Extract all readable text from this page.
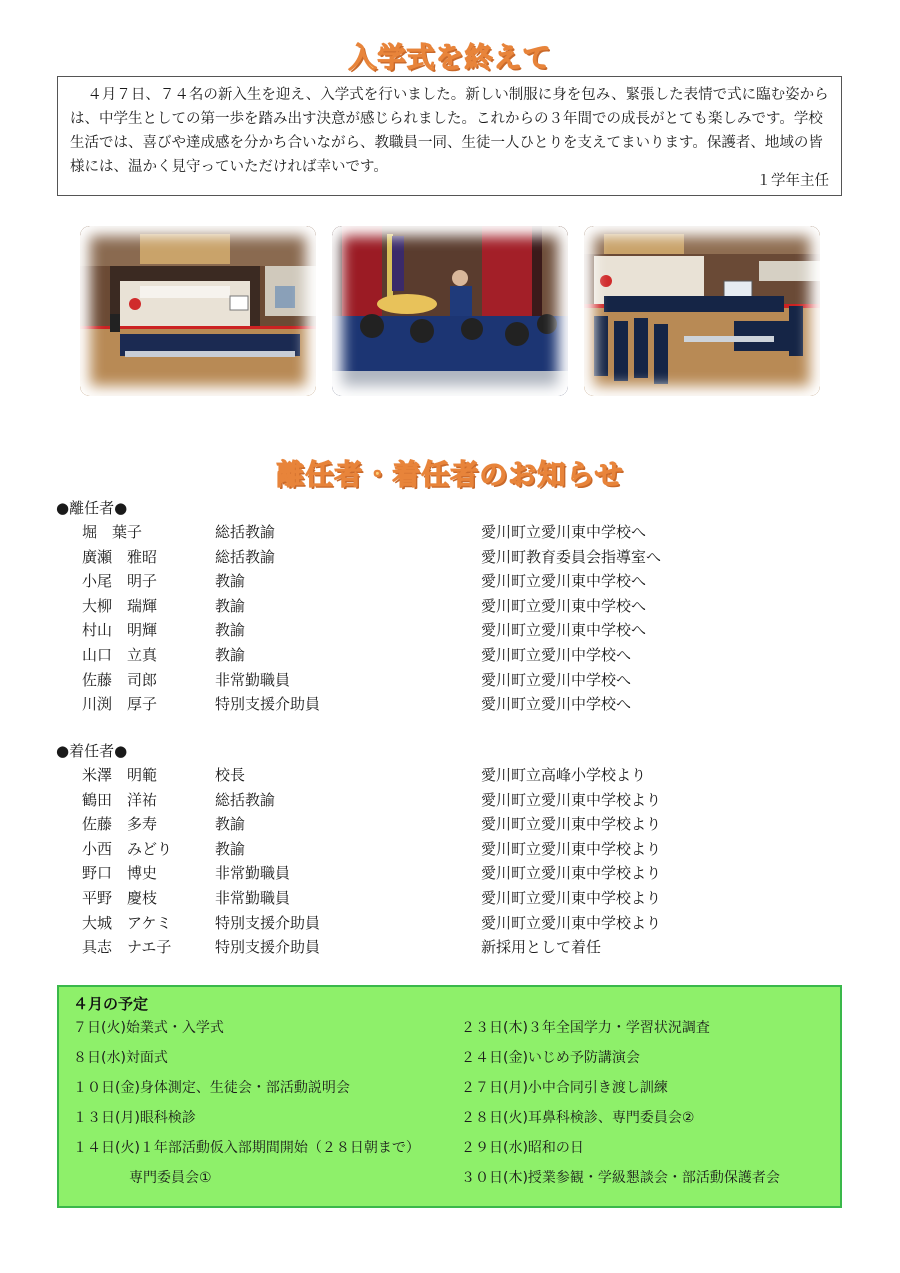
入学式を終えて
４月７日、７４名の新入生を迎え、入学式を行いました。新しい制服に身を包み、緊張した表情で式に臨む姿からは、中学生としての第一歩を踏み出す決意が感じられました。これからの３年間での成長がとても楽しみです。学校生活では、喜びや達成感を分かち合いながら、教職員一同、生徒一人ひとりを支えてまいります。保護者、地域の皆様には、温かく見守っていただければ幸いです。
１学年主任
離任者・着任者のお知らせ
●離任者●
堀　葉子	総括教諭	愛川町立愛川東中学校へ
廣瀬　雅昭	総括教諭	愛川町教育委員会指導室へ
小尾　明子	教諭	愛川町立愛川東中学校へ
大柳　瑞輝	教諭	愛川町立愛川東中学校へ
村山　明輝	教諭	愛川町立愛川東中学校へ
山口　立真	教諭	愛川町立愛川中学校へ
佐藤　司郎	非常勤職員	愛川町立愛川中学校へ
川渕　厚子	特別支援介助員	愛川町立愛川中学校へ
●着任者●
米澤　明範	校長	愛川町立高峰小学校より
鶴田　洋祐	総括教諭	愛川町立愛川東中学校より
佐藤　多寿	教諭	愛川町立愛川東中学校より
小西　みどり	教諭	愛川町立愛川東中学校より
野口　博史	非常勤職員	愛川町立愛川東中学校より
平野　慶枝	非常勤職員	愛川町立愛川東中学校より
大城　アケミ	特別支援介助員	愛川町立愛川東中学校より
具志　ナエ子	特別支援介助員	新採用として着任
４月の予定
７日(火)始業式・入学式
８日(水)対面式
１０日(金)身体測定、生徒会・部活動説明会
１３日(月)眼科検診
１４日(火)１年部活動仮入部期間開始（２８日朝まで）
　　　　専門委員会①
２３日(木)３年全国学力・学習状況調査
２４日(金)いじめ予防講演会
２７日(月)小中合同引き渡し訓練
２８日(火)耳鼻科検診、専門委員会②
２９日(水)昭和の日
３０日(木)授業参観・学級懇談会・部活動保護者会
